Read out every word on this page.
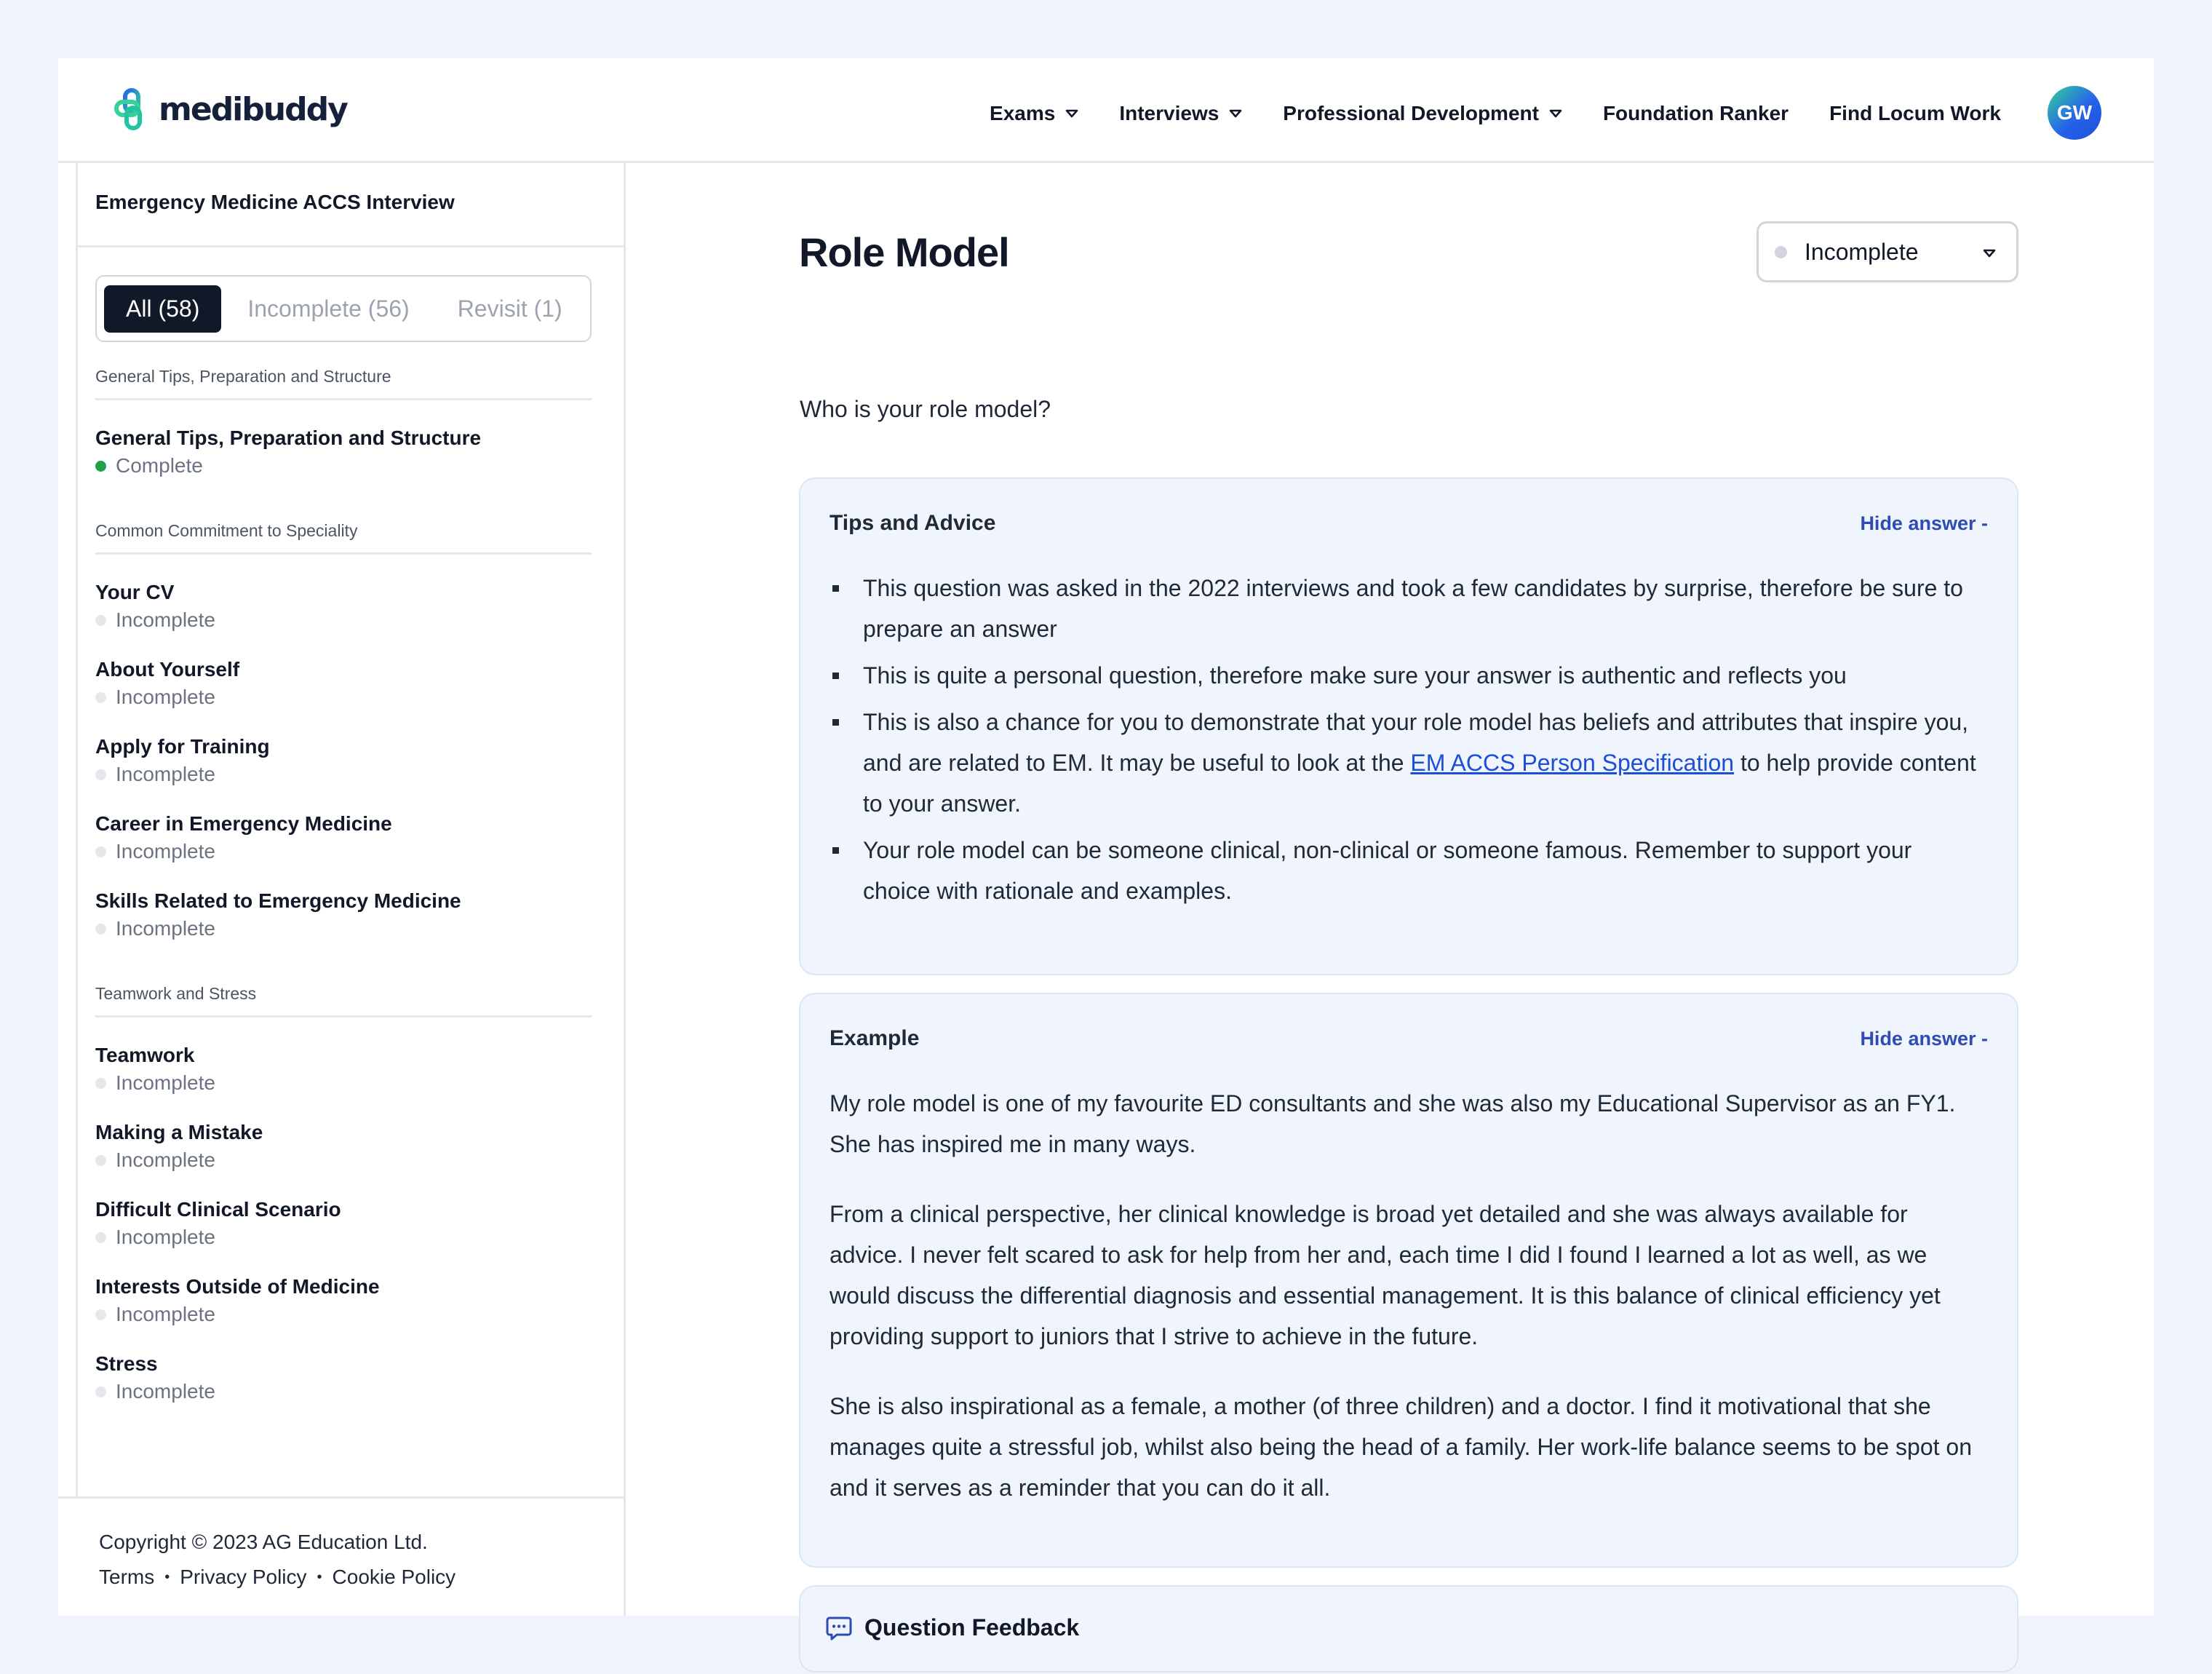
medibuddy	Exams	Interviews	Professional Development	Foundation Ranker Find Locum Work	GW
Emergency Medicine ACCS Interview
All (58)	Incomplete (56)	Revisit (1)
General Tips, Preparation and Structure
General Tips, Preparation and Structure
Complete
Common Commitment to Speciality
Your CV
Incomplete
About Yourself
Incomplete
Apply for Training
Incomplete
Career in Emergency Medicine
Incomplete
Skills Related to Emergency Medicine
Incomplete
Teamwork and Stress
Teamwork
Incomplete
Making a Mistake
Incomplete
Difficult Clinical Scenario
Incomplete
Interests Outside of Medicine
Incomplete
Stress
Incomplete
Copyright © 2023 AG Education Ltd.
Terms • Privacy Policy • Cookie Policy
Role Model	Incomplete
Who is your role model?
Tips and Advice	Hide answer -
This question was asked in the 2022 interviews and took a few candidates by surprise, therefore be sure to prepare an answer
This is quite a personal question, therefore make sure your answer is authentic and reflects you
This is also a chance for you to demonstrate that your role model has beliefs and attributes that inspire you, and are related to EM. It may be useful to look at the EM ACCS Person Specification to help provide content to your answer.
Your role model can be someone clinical, non-clinical or someone famous. Remember to support your choice with rationale and examples.
Example	Hide answer -

My role model is one of my favourite ED consultants and she was also my Educational Supervisor as an FY1. She has inspired me in many ways.

From a clinical perspective, her clinical knowledge is broad yet detailed and she was always available for advice. I never felt scared to ask for help from her and, each time I did I found I learned a lot as well, as we would discuss the differential diagnosis and essential management. It is this balance of clinical efficiency yet providing support to juniors that I strive to achieve in the future.

She is also inspirational as a female, a mother (of three children) and a doctor. I find it motivational that she manages quite a stressful job, whilst also being the head of a family. Her work-life balance seems to be spot on and it serves as a reminder that you can do it all.

Question Feedback
